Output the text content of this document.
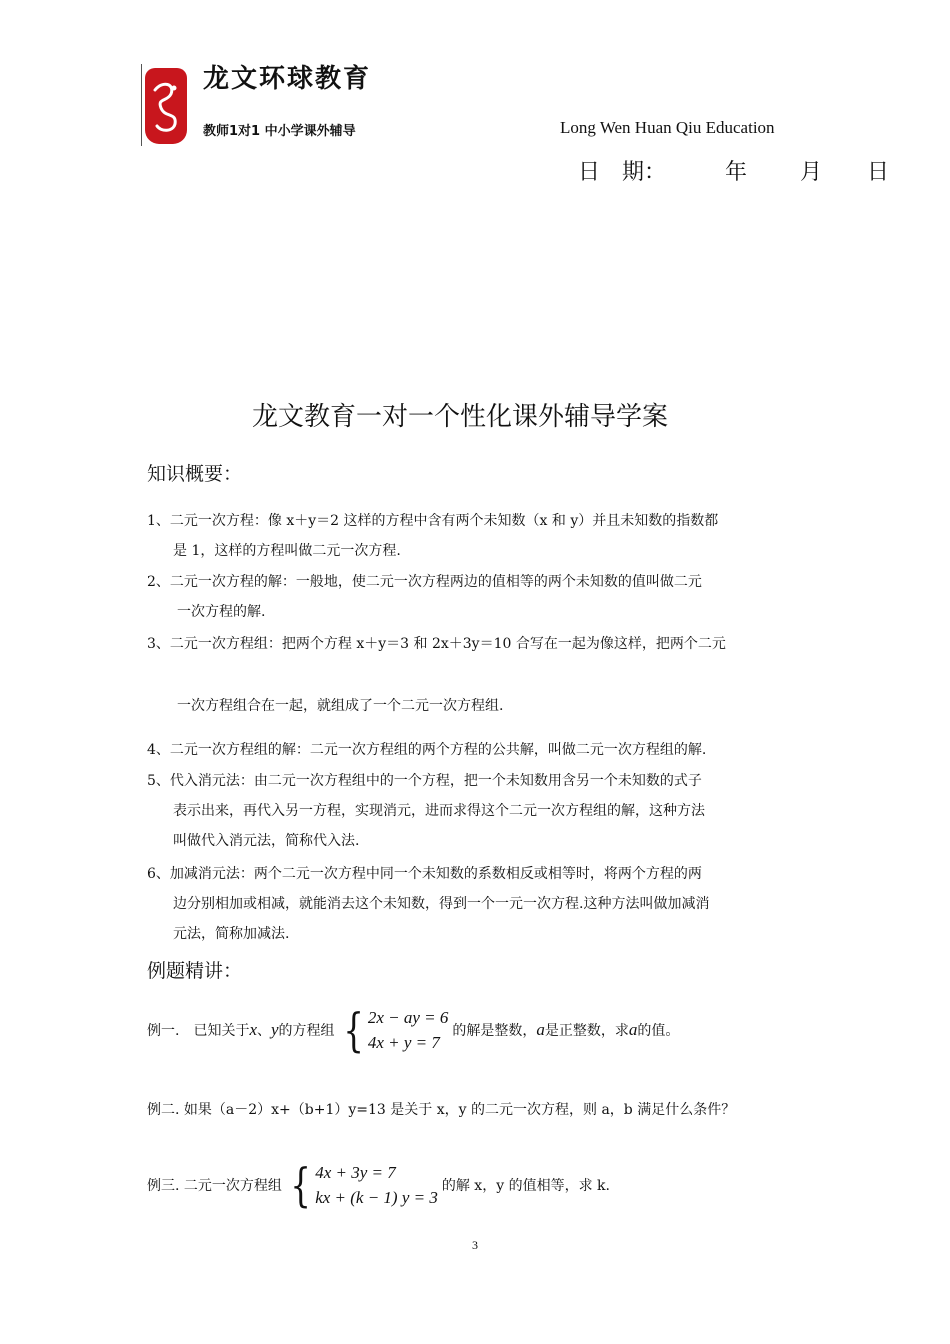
龙文环球教育
教师1对1 中小学课外辅导	Long Wen Huan Qiu Education
日　期：	年 月 日
龙文教育一对一个性化课外辅导学案
知识概要：
1、二元一次方程：像 x＋y＝2 这样的方程中含有两个未知数（x 和 y）并且未知数的指数都
是 1，这样的方程叫做二元一次方程.
2、二元一次方程的解：一般地，使二元一次方程两边的值相等的两个未知数的值叫做二元
一次方程的解.
3、二元一次方程组：把两个方程 x＋y＝3 和 2x＋3y＝10 合写在一起为像这样，把两个二元
一次方程组合在一起，就组成了一个二元一次方程组.
4、二元一次方程组的解：二元一次方程组的两个方程的公共解，叫做二元一次方程组的解.
5、代入消元法：由二元一次方程组中的一个方程，把一个未知数用含另一个未知数的式子
表示出来，再代入另一方程，实现消元，进而求得这个二元一次方程组的解，这种方法
叫做代入消元法，简称代入法.
6、加减消元法：两个二元一次方程中同一个未知数的系数相反或相等时，将两个方程的两
边分别相加或相减，就能消去这个未知数，得到一个一元一次方程.这种方法叫做加减消
元法，简称加减法.
例题精讲：
例一.　已知关于 x 、 y 的方程组 { 2x − ay = 6
4x + y = 7
的解是整数， a 是正整数，求 a 的值。
例二. 如果（a－2）x+（b+1）y=13 是关于 x，y 的二元一次方程，则 a，b 满足什么条件？
例三. 二元一次方程组 { 4x + 3y = 7
kx + (k − 1) y = 3
的解 x，y 的值相等，求 k.
3
